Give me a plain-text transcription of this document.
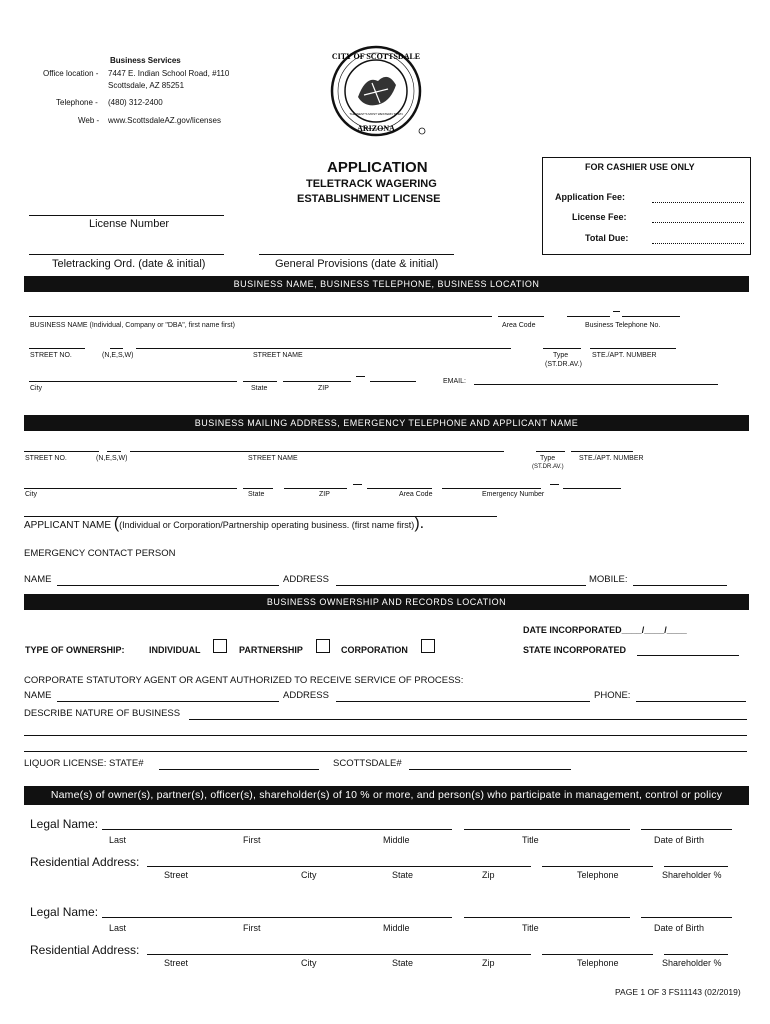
Business Services
Office location - 7447 E. Indian School Road, #110
Scottsdale, AZ 85251
Telephone - (480) 312-2400
Web - www.ScottsdaleAZ.gov/licenses
CITY OF SCOTTSDALE
ARIZONA
THE WEST'S MOST WESTERN TOWN
APPLICATION
TELETRACK WAGERING
ESTABLISHMENT LICENSE
FOR CASHIER USE ONLY
Application Fee:
License Fee:
Total Due:
License Number
Teletracking Ord. (date & initial)	General Provisions (date & initial)
BUSINESS NAME, BUSINESS TELEPHONE, BUSINESS LOCATION
BUSINESS NAME (Individual, Company or "DBA", first name first)	Area Code	Business Telephone No.
STREET NO.	(N,E,S,W)	STREET NAME	Type
(ST.DR.AV.)
STE./APT. NUMBER
City	State	ZIP
EMAIL:
BUSINESS MAILING ADDRESS, EMERGENCY TELEPHONE AND APPLICANT NAME
STREET NO.	(N,E,S,W)	STREET NAME	Type
(ST.DR.AV.)
STE./APT. NUMBER
City	State	ZIP	Area Code	Emergency Number
APPLICANT NAME ((Individual or Corporation/Partnership operating business. (first name first)).
EMERGENCY CONTACT PERSON
NAME	ADDRESS	MOBILE:
BUSINESS OWNERSHIP AND RECORDS LOCATION
DATE INCORPORATED____/____/____
TYPE OF OWNERSHIP:	INDIVIDUAL	PARTNERSHIP	CORPORATION	STATE INCORPORATED
CORPORATE STATUTORY AGENT OR AGENT AUTHORIZED TO RECEIVE SERVICE OF PROCESS:
NAME	ADDRESS	PHONE:
DESCRIBE NATURE OF BUSINESS
LIQUOR LICENSE: STATE#	SCOTTSDALE#
Name(s) of owner(s), partner(s), officer(s), shareholder(s) of 10 % or more, and person(s) who participate in management, control or policy
Legal Name:
Last	First	Middle	Title	Date of Birth
Residential Address:
Street	City	State	Zip	Telephone	Shareholder %
Legal Name:
Last	First	Middle	Title	Date of Birth
Residential Address:
Street	City	State	Zip	Telephone	Shareholder %
PAGE 1 OF 3 FS11143 (02/2019)
